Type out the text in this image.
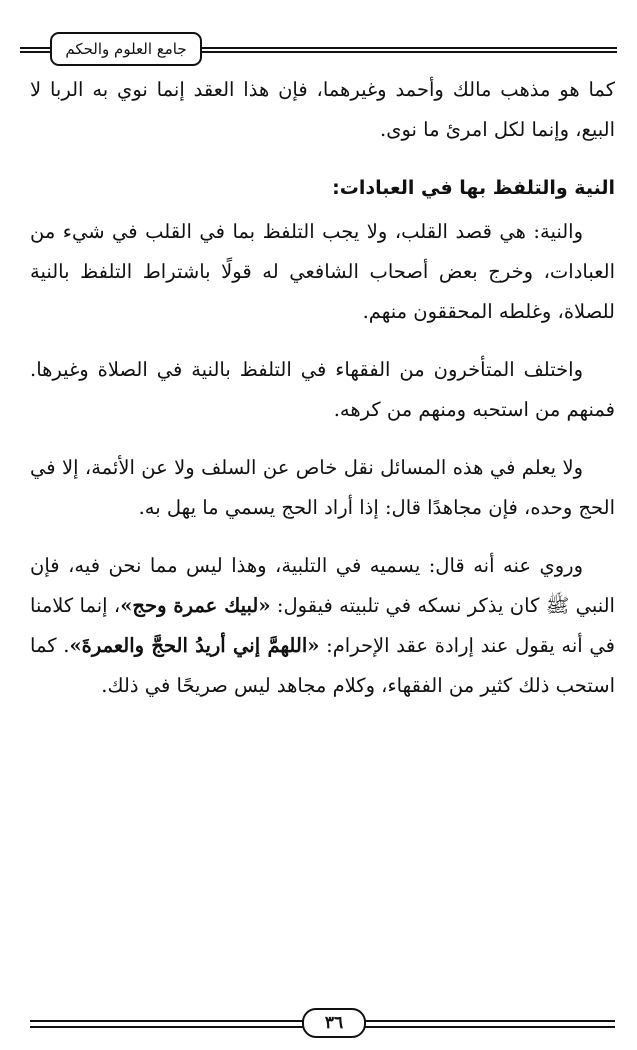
جامع العلوم والحكم

كما هو مذهب مالك وأحمد وغيرهما، فإن هذا العقد إنما نوي به الربا لا البيع، وإنما لكل امرئ ما نوى.

النية والتلفظ بها في العبادات:

والنية: هي قصد القلب، ولا يجب التلفظ بما في القلب في شيء من العبادات، وخرج بعض أصحاب الشافعي له قولًا باشتراط التلفظ بالنية للصلاة، وغلطه المحققون منهم.

واختلف المتأخرون من الفقهاء في التلفظ بالنية في الصلاة وغيرها. فمنهم من استحبه ومنهم من كرهه.

ولا يعلم في هذه المسائل نقل خاص عن السلف ولا عن الأئمة، إلا في الحج وحده، فإن مجاهدًا قال: إذا أراد الحج يسمي ما يهل به.

وروي عنه أنه قال: يسميه في التلبية، وهذا ليس مما نحن فيه، فإن النبي ﷺ كان يذكر نسكه في تلبيته فيقول: «لبيك عمرة وحج»، إنما كلامنا في أنه يقول عند إرادة عقد الإحرام: «اللهمَّ إني أريدُ الحجَّ والعمرةَ». كما استحب ذلك كثير من الفقهاء، وكلام مجاهد ليس صريحًا في ذلك.

٣٦
